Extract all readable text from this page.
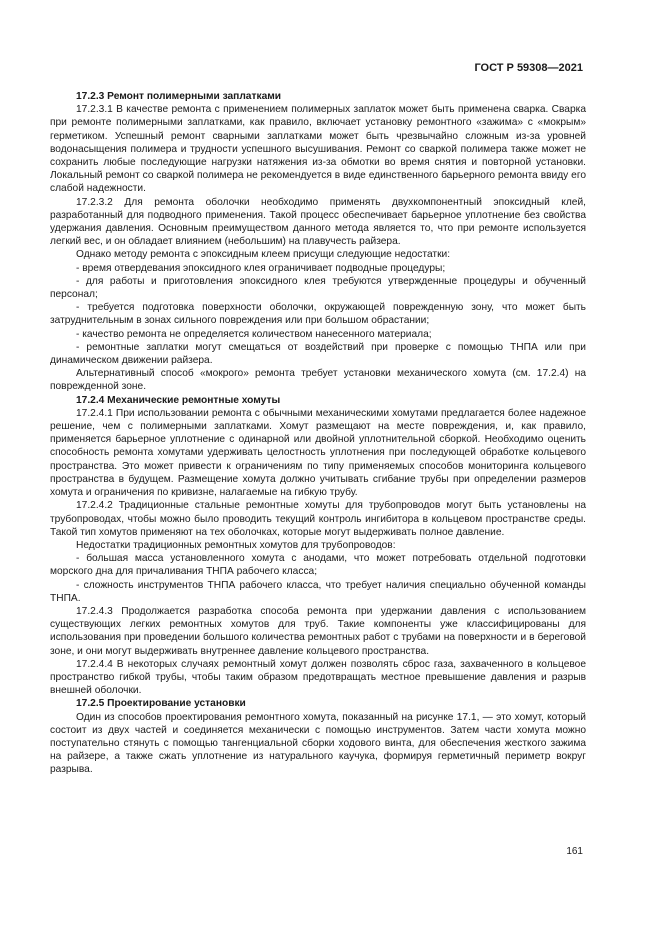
ГОСТ Р 59308—2021

17.2.3 Ремонт полимерными заплатками

17.2.3.1 В качестве ремонта с применением полимерных заплаток может быть применена сварка. Сварка при ремонте полимерными заплатками, как правило, включает установку ремонтного «зажима» с «мокрым» герметиком. Успешный ремонт сварными заплатками может быть чрезвычайно сложным из-за уровней водонасыщения полимера и трудности успешного высушивания. Ремонт со сваркой полимера также может не сохранить любые последующие нагрузки натяжения из-за обмотки во время снятия и повторной установки. Локальный ремонт со сваркой полимера не рекомендуется в виде единственного барьерного ремонта ввиду его слабой надежности.

17.2.3.2 Для ремонта оболочки необходимо применять двухкомпонентный эпоксидный клей, разработанный для подводного применения. Такой процесс обеспечивает барьерное уплотнение без свойства удержания давления. Основным преимуществом данного метода является то, что при ремонте используется легкий вес, и он обладает влиянием (небольшим) на плавучесть райзера.

Однако методу ремонта с эпоксидным клеем присущи следующие недостатки:

- время отвердевания эпоксидного клея ограничивает подводные процедуры;

- для работы и приготовления эпоксидного клея требуются утвержденные процедуры и обученный персонал;

- требуется подготовка поверхности оболочки, окружающей поврежденную зону, что может быть затруднительным в зонах сильного повреждения или при большом обрастании;

- качество ремонта не определяется количеством нанесенного материала;

- ремонтные заплатки могут смещаться от воздействий при проверке с помощью ТНПА или при динамическом движении райзера.

Альтернативный способ «мокрого» ремонта требует установки механического хомута (см. 17.2.4) на поврежденной зоне.

17.2.4 Механические ремонтные хомуты

17.2.4.1 При использовании ремонта с обычными механическими хомутами предлагается более надежное решение, чем с полимерными заплатками. Хомут размещают на месте повреждения, и, как правило, применяется барьерное уплотнение с одинарной или двойной уплотнительной сборкой. Необходимо оценить способность ремонта хомутами удерживать целостность уплотнения при последующей обработке кольцевого пространства. Это может привести к ограничениям по типу применяемых способов мониторинга кольцевого пространства в будущем. Размещение хомута должно учитывать сгибание трубы при определении размеров хомута и ограничения по кривизне, налагаемые на гибкую трубу.

17.2.4.2 Традиционные стальные ремонтные хомуты для трубопроводов могут быть установлены на трубопроводах, чтобы можно было проводить текущий контроль ингибитора в кольцевом пространстве среды. Такой тип хомутов применяют на тех оболочках, которые могут выдерживать полное давление.

Недостатки традиционных ремонтных хомутов для трубопроводов:

- большая масса установленного хомута с анодами, что может потребовать отдельной подготовки морского дна для причаливания ТНПА рабочего класса;

- сложность инструментов ТНПА рабочего класса, что требует наличия специально обученной команды ТНПА.

17.2.4.3 Продолжается разработка способа ремонта при удержании давления с использованием существующих легких ремонтных хомутов для труб. Такие компоненты уже классифицированы для использования при проведении большого количества ремонтных работ с трубами на поверхности и в береговой зоне, и они могут выдерживать внутреннее давление кольцевого пространства.

17.2.4.4 В некоторых случаях ремонтный хомут должен позволять сброс газа, захваченного в кольцевое пространство гибкой трубы, чтобы таким образом предотвращать местное превышение давления и разрыв внешней оболочки.

17.2.5 Проектирование установки

Один из способов проектирования ремонтного хомута, показанный на рисунке 17.1, — это хомут, который состоит из двух частей и соединяется механически с помощью инструментов. Затем части хомута можно поступательно стянуть с помощью тангенциальной сборки ходового винта, для обеспечения жесткого зажима на райзере, а также сжать уплотнение из натурального каучука, формируя герметичный периметр вокруг разрыва.

161
